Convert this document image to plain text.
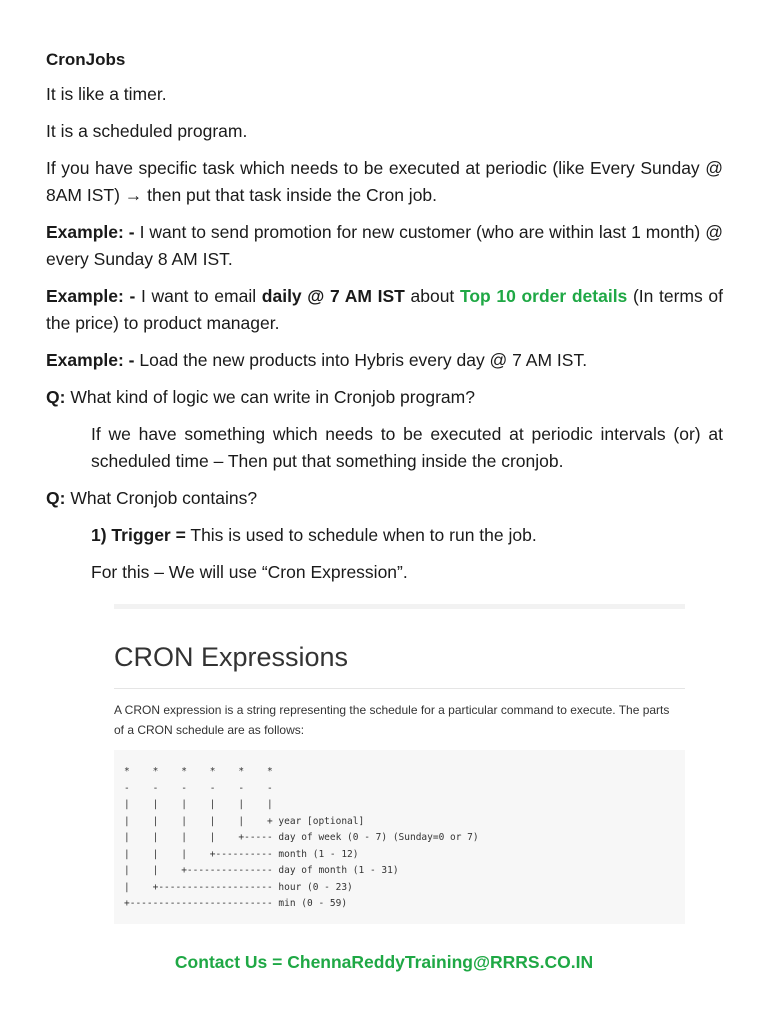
CronJobs

It is like a timer.

It is a scheduled program.

If you have specific task which needs to be executed at periodic (like Every Sunday @ 8AM IST) → then put that task inside the Cron job.

Example: - I want to send promotion for new customer (who are within last 1 month) @ every Sunday 8 AM IST.

Example: - I want to email daily @ 7 AM IST about Top 10 order details (In terms of the price) to product manager.

Example: - Load the new products into Hybris every day @ 7 AM IST.

Q: What kind of logic we can write in Cronjob program?

If we have something which needs to be executed at periodic intervals (or) at scheduled time – Then put that something inside the cronjob.

Q: What Cronjob contains?

1) Trigger = This is used to schedule when to run the job.

For this – We will use “Cron Expression”.

CRON Expressions
A CRON expression is a string representing the schedule for a particular command to execute. The parts of a CRON schedule are as follows:
*    *    *    *    *    *
-    -    -    -    -    -
|    |    |    |    |    |
|    |    |    |    |    + year [optional]
|    |    |    |    +----- day of week (0 - 7) (Sunday=0 or 7)
|    |    |    +---------- month (1 - 12)
|    |    +--------------- day of month (1 - 31)
|    +-------------------- hour (0 - 23)
+------------------------- min (0 - 59)
Contact Us = ChennaReddyTraining@RRRS.CO.IN
